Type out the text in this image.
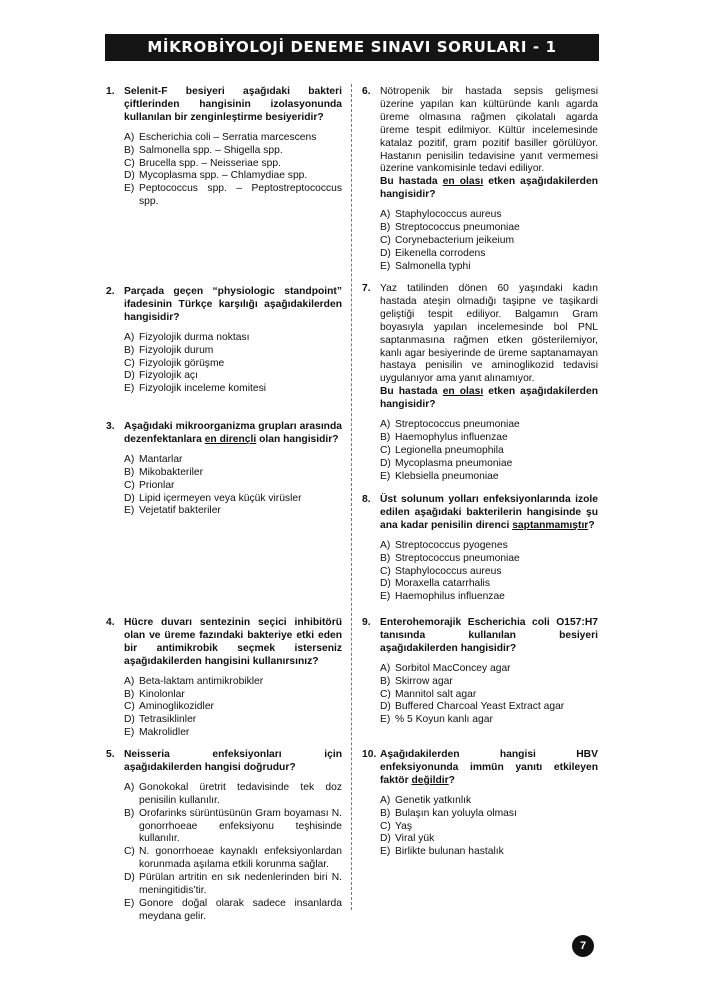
MİKROBİYOLOJİ DENEME SINAVI SORULARI - 1
1. Selenit-F besiyeri aşağıdaki bakteri çiftlerinden hangisinin izolasyonunda kullanılan bir zenginleştirme besiyeridir?
A) Escherichia coli – Serratia marcescens
B) Salmonella spp. – Shigella spp.
C) Brucella spp. – Neisseriae spp.
D) Mycoplasma spp. – Chlamydiae spp.
E) Peptococcus spp. – Peptostreptococcus spp.
2. Parçada geçen “physiologic standpoint” ifadesinin Türkçe karşılığı aşağıdakilerden hangisidir?
A) Fizyolojik durma noktası
B) Fizyolojik durum
C) Fizyolojik görüşme
D) Fizyolojik açı
E) Fizyolojik inceleme komitesi
3. Aşağıdaki mikroorganizma grupları arasında dezenfektanlara en dirençli olan hangisidir?
A) Mantarlar
B) Mikobakteriler
C) Prionlar
D) Lipid içermeyen veya küçük virüsler
E) Vejetatif bakteriler
4. Hücre duvarı sentezinin seçici inhibitörü olan ve üreme fazındaki bakteriye etki eden bir antimikrobik seçmek isterseniz aşağıdakilerden hangisini kullanırsınız?
A) Beta-laktam antimikrobikler
B) Kinolonlar
C) Aminoglikozidler
D) Tetrasiklinler
E) Makrolidler
5. Neisseria enfeksiyonları için aşağıdakilerden hangisi doğrudur?
A) Gonokokal üretrit tedavisinde tek doz penisilin kullanılır.
B) Orofarinks sürüntüsünün Gram boyaması N. gonorrhoeae enfeksiyonu teşhisinde kullanılır.
C) N. gonorrhoeae kaynaklı enfeksiyonlardan korunmada aşılama etkili korunma sağlar.
D) Pürülan artritin en sık nedenlerinden biri N. meningitidis’tir.
E) Gonore doğal olarak sadece insanlarda meydana gelir.
6. Nötropenik bir hastada sepsis gelişmesi üzerine yapılan kan kültüründe kanlı agarda üreme olmasına rağmen çikolatalı agarda üreme tespit edilmiyor. Kültür incelemesinde katalaz pozitif, gram pozitif basiller görülüyor. Hastanın penisilin tedavisine yanıt vermemesi üzerine vankomisinle tedavi ediliyor.
Bu hastada en olası etken aşağıdakilerden hangisidir?
A) Staphylococcus aureus
B) Streptococcus pneumoniae
C) Corynebacterium jeikeium
D) Eikenella corrodens
E) Salmonella typhi
7. Yaz tatilinden dönen 60 yaşındaki kadın hastada ateşin olmadığı taşipne ve taşikardi geliştiği tespit ediliyor. Balgamın Gram boyasıyla yapılan incelemesinde bol PNL saptanmasına rağmen etken gösterilemiyor, kanlı agar besiyerinde de üreme saptanamayan hastaya penisilin ve aminoglikozid tedavisi uygulanıyor ama yanıt alınamıyor.
Bu hastada en olası etken aşağıdakilerden hangisidir?
A) Streptococcus pneumoniae
B) Haemophylus influenzae
C) Legionella pneumophila
D) Mycoplasma pneumoniae
E) Klebsiella pneumoniae
8. Üst solunum yolları enfeksiyonlarında izole edilen aşağıdaki bakterilerin hangisinde şu ana kadar penisilin direnci saptanmamıştır?
A) Streptococcus pyogenes
B) Streptococcus pneumoniae
C) Staphylococcus aureus
D) Moraxella catarrhalis
E) Haemophilus influenzae
9. Enterohemorajik Escherichia coli O157:H7 tanısında kullanılan besiyeri aşağıdakilerden hangisidir?
A) Sorbitol MacConcey agar
B) Skirrow agar
C) Mannitol salt agar
D) Buffered Charcoal Yeast Extract agar
E) % 5 Koyun kanlı agar
10. Aşağıdakilerden hangisi HBV enfeksiyonunda immün yanıtı etkileyen faktör değildir?
A) Genetik yatkınlık
B) Bulaşın kan yoluyla olması
C) Yaş
D) Viral yük
E) Birlikte bulunan hastalık
7
